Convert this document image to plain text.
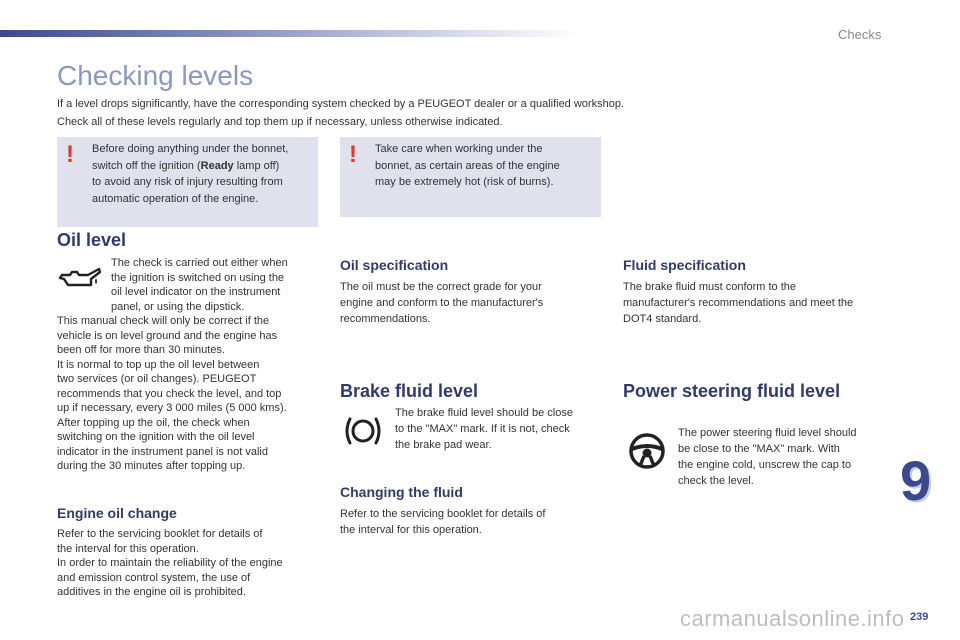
Checks
Checking levels
If a level drops significantly, have the corresponding system checked by a PEUGEOT dealer or a qualified workshop.
Check all of these levels regularly and top them up if necessary, unless otherwise indicated.
! Before doing anything under the bonnet,
switch off the ignition (Ready lamp off)
to avoid any risk of injury resulting from
automatic operation of the engine.
! Take care when working under the
bonnet, as certain areas of the engine
may be extremely hot (risk of burns).
Oil level
The check is carried out either when
the ignition is switched on using the
oil level indicator on the instrument
panel, or using the dipstick.
This manual check will only be correct if the
vehicle is on level ground and the engine has
been off for more than 30 minutes.
It is normal to top up the oil level between
two services (or oil changes). PEUGEOT
recommends that you check the level, and top
up if necessary, every 3 000 miles (5 000 kms).
After topping up the oil, the check when
switching on the ignition with the oil level
indicator in the instrument panel is not valid
during the 30 minutes after topping up.
Engine oil change
Refer to the servicing booklet for details of
the interval for this operation.
In order to maintain the reliability of the engine
and emission control system, the use of
additives in the engine oil is prohibited.
Oil specification
The oil must be the correct grade for your
engine and conform to the manufacturer's
recommendations.
Brake fluid level
The brake fluid level should be close
to the "MAX" mark. If it is not, check
the brake pad wear.
Changing the fluid
Refer to the servicing booklet for details of
the interval for this operation.
Fluid specification
The brake fluid must conform to the
manufacturer's recommendations and meet the
DOT4 standard.
Power steering fluid level
The power steering fluid level should
be close to the "MAX" mark. With
the engine cold, unscrew the cap to
check the level.	9
carmanualsonline.info 239
